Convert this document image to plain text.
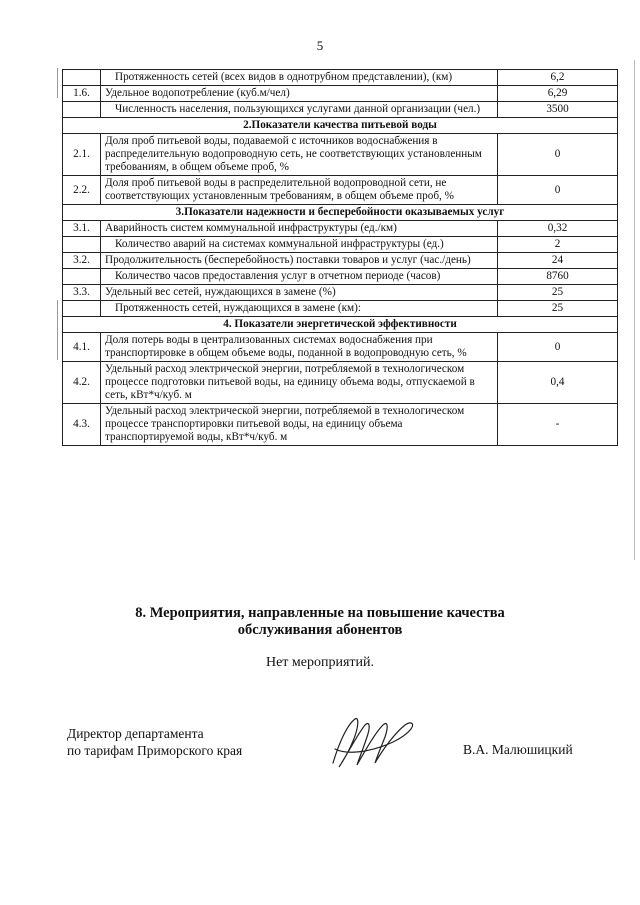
5
	Протяженность сетей (всех видов в однотрубном представлении), (км)	6,2
1.6.	Удельное водопотребление (куб.м/чел)	6,29
	Численность населения, пользующихся услугами данной организации (чел.)	3500
2.Показатели качества питьевой воды		
2.1.	Доля проб питьевой воды, подаваемой с источников водоснабжения в распределительную водопроводную сеть, не соответствующих установленным требованиям, в общем объеме проб, %	0
2.2.	Доля проб питьевой воды в распределительной водопроводной сети, не соответствующих установленным требованиям, в общем объеме проб, %	0
3.Показатели надежности и бесперебойности оказываемых услуг		
3.1.	Аварийность систем коммунальной инфраструктуры (ед./км)	0,32
	Количество аварий на системах коммунальной инфраструктуры (ед.)	2
3.2.	Продолжительность (бесперебойность) поставки товаров и услуг (час./день)	24
	Количество часов предоставления услуг в отчетном периоде (часов)	8760
3.3.	Удельный вес сетей, нуждающихся в замене (%)	25
	Протяженность сетей, нуждающихся в замене (км):	25
4. Показатели энергетической эффективности		
4.1.	Доля потерь воды в централизованных системах водоснабжения при транспортировке в общем объеме воды, поданной в водопроводную сеть, %	0
4.2.	Удельный расход электрической энергии, потребляемой в технологическом процессе подготовки питьевой воды, на единицу объема воды, отпускаемой в сеть, кВт*ч/куб. м	0,4
4.3.	Удельный расход электрической энергии, потребляемой в технологическом процессе транспортировки питьевой воды, на единицу объема транспортируемой воды, кВт*ч/куб. м	-
8. Мероприятия, направленные на повышение качества
обслуживания абонентов
Нет мероприятий.
Директор департамента
по тарифам Приморского края	В.А. Малюшицкий
